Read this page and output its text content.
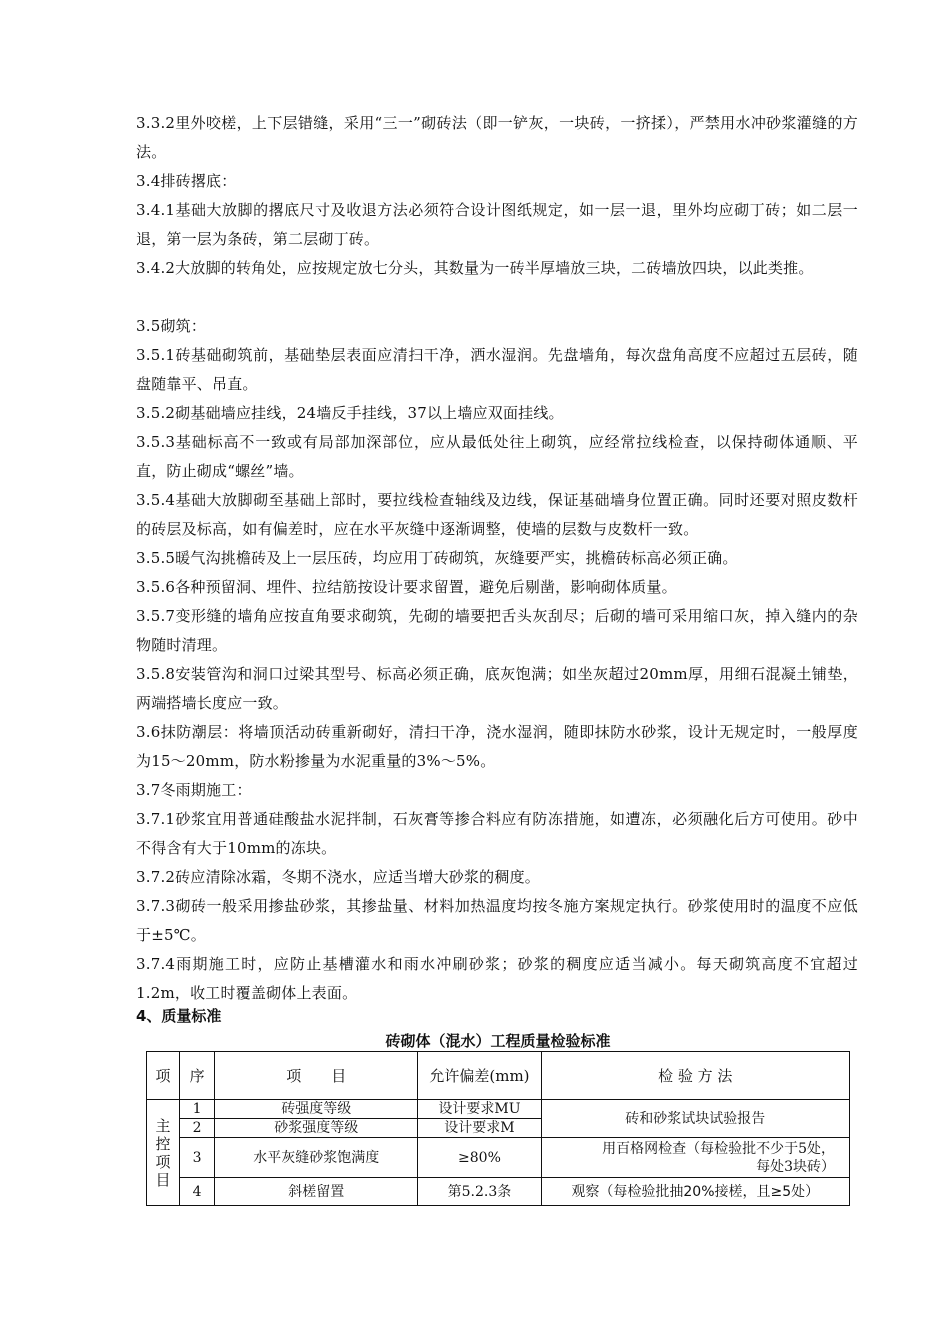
3.3.2里外咬槎，上下层错缝，采用“三一”砌砖法（即一铲灰，一块砖，一挤揉），严禁用水冲砂浆灌缝的方法。

3.4排砖撂底：

3.4.1基础大放脚的撂底尺寸及收退方法必须符合设计图纸规定，如一层一退，里外均应砌丁砖；如二层一退，第一层为条砖，第二层砌丁砖。

3.4.2大放脚的转角处，应按规定放七分头，其数量为一砖半厚墙放三块，二砖墙放四块，以此类推。

3.5砌筑：

3.5.1砖基础砌筑前，基础垫层表面应清扫干净，洒水湿润。先盘墙角，每次盘角高度不应超过五层砖，随盘随靠平、吊直。

3.5.2砌基础墙应挂线，24墙反手挂线，37以上墙应双面挂线。

3.5.3基础标高不一致或有局部加深部位，应从最低处往上砌筑，应经常拉线检查，以保持砌体通顺、平直，防止砌成“螺丝”墙。

3.5.4基础大放脚砌至基础上部时，要拉线检查轴线及边线，保证基础墙身位置正确。同时还要对照皮数杆的砖层及标高，如有偏差时，应在水平灰缝中逐渐调整，使墙的层数与皮数杆一致。

3.5.5暖气沟挑檐砖及上一层压砖，均应用丁砖砌筑，灰缝要严实，挑檐砖标高必须正确。

3.5.6各种预留洞、埋件、拉结筋按设计要求留置，避免后剔凿，影响砌体质量。

3.5.7变形缝的墙角应按直角要求砌筑，先砌的墙要把舌头灰刮尽；后砌的墙可采用缩口灰，掉入缝内的杂物随时清理。

3.5.8安装管沟和洞口过梁其型号、标高必须正确，底灰饱满；如坐灰超过20mm厚，用细石混凝土铺垫，两端搭墙长度应一致。

3.6抹防潮层：将墙顶活动砖重新砌好，清扫干净，浇水湿润，随即抹防水砂浆，设计无规定时，一般厚度为15～20mm，防水粉掺量为水泥重量的3%～5%。

3.7冬雨期施工：

3.7.1砂浆宜用普通硅酸盐水泥拌制，石灰膏等掺合料应有防冻措施，如遭冻，必须融化后方可使用。砂中不得含有大于10mm的冻块。

3.7.2砖应清除冰霜，冬期不浇水，应适当增大砂浆的稠度。

3.7.3砌砖一般采用掺盐砂浆，其掺盐量、材料加热温度均按冬施方案规定执行。砂浆使用时的温度不应低于±5℃。

3.7.4雨期施工时，应防止基槽灌水和雨水冲刷砂浆；砂浆的稠度应适当减小。每天砌筑高度不宜超过1.2m，收工时覆盖砌体上表面。

4、质量标准

砖砌体（混水）工程质量检验标准

项	序	项　　目	允许偏差(mm)	检 验 方 法

主控项目	1	砖强度等级	设计要求MU	砖和砂浆试块试验报告
	2	砂浆强度等级	设计要求M	
	3	水平灰缝砂浆饱满度	≥80%	用百格网检查（每检验批不少于5处，
每处3块砖）

	4	斜槎留置	第5.2.3条	观察（每检验批抽20%接槎，且≥5处）
